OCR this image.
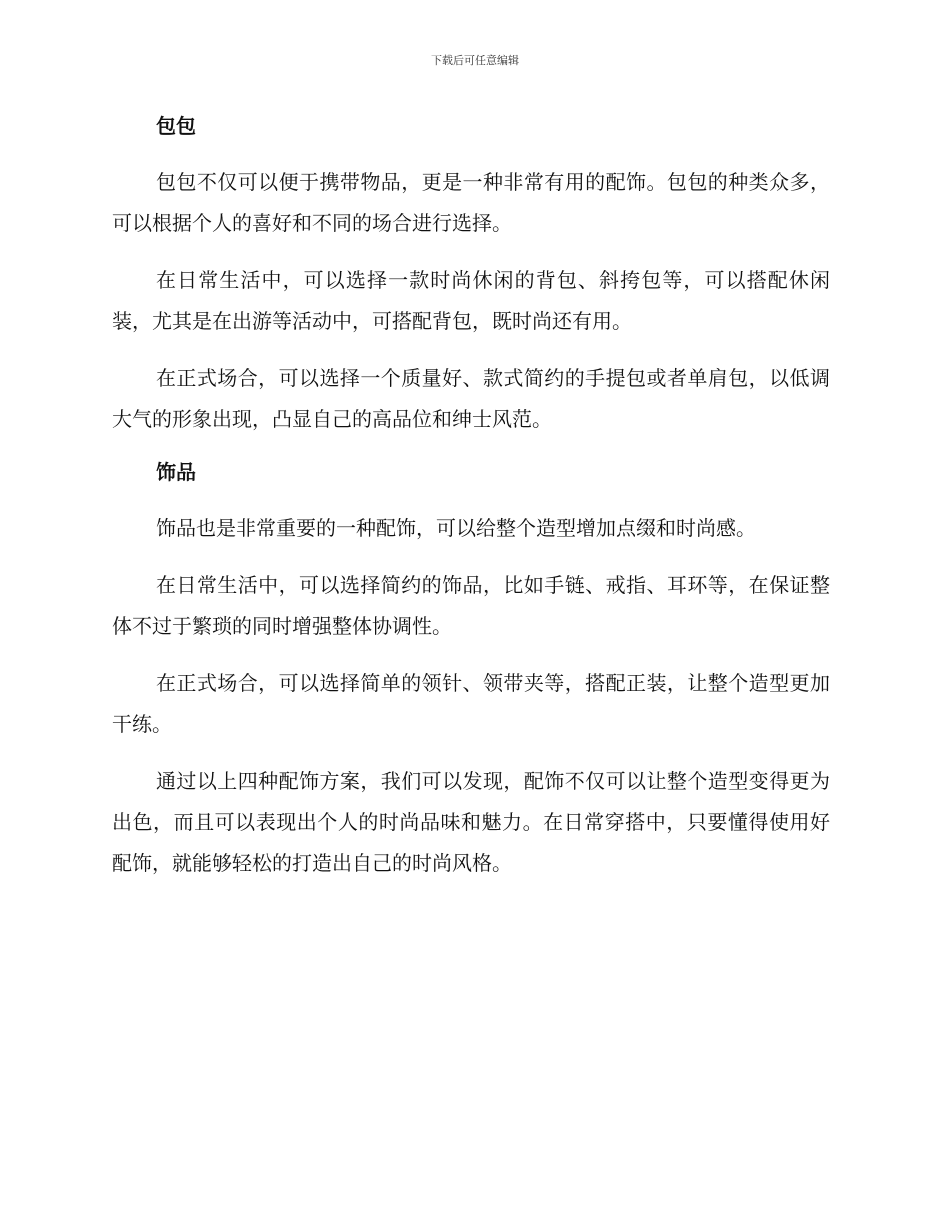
下载后可任意编辑
包包

包包不仅可以便于携带物品，更是一种非常有用的配饰。包包的种类众多，可以根据个人的喜好和不同的场合进行选择。

在日常生活中，可以选择一款时尚休闲的背包、斜挎包等，可以搭配休闲装，尤其是在出游等活动中，可搭配背包，既时尚还有用。

在正式场合，可以选择一个质量好、款式简约的手提包或者单肩包，以低调大气的形象出现，凸显自己的高品位和绅士风范。

饰品

饰品也是非常重要的一种配饰，可以给整个造型增加点缀和时尚感。

在日常生活中，可以选择简约的饰品，比如手链、戒指、耳环等，在保证整体不过于繁琐的同时增强整体协调性。

在正式场合，可以选择简单的领针、领带夹等，搭配正装，让整个造型更加干练。

通过以上四种配饰方案，我们可以发现，配饰不仅可以让整个造型变得更为出色，而且可以表现出个人的时尚品味和魅力。在日常穿搭中，只要懂得使用好配饰，就能够轻松的打造出自己的时尚风格。
